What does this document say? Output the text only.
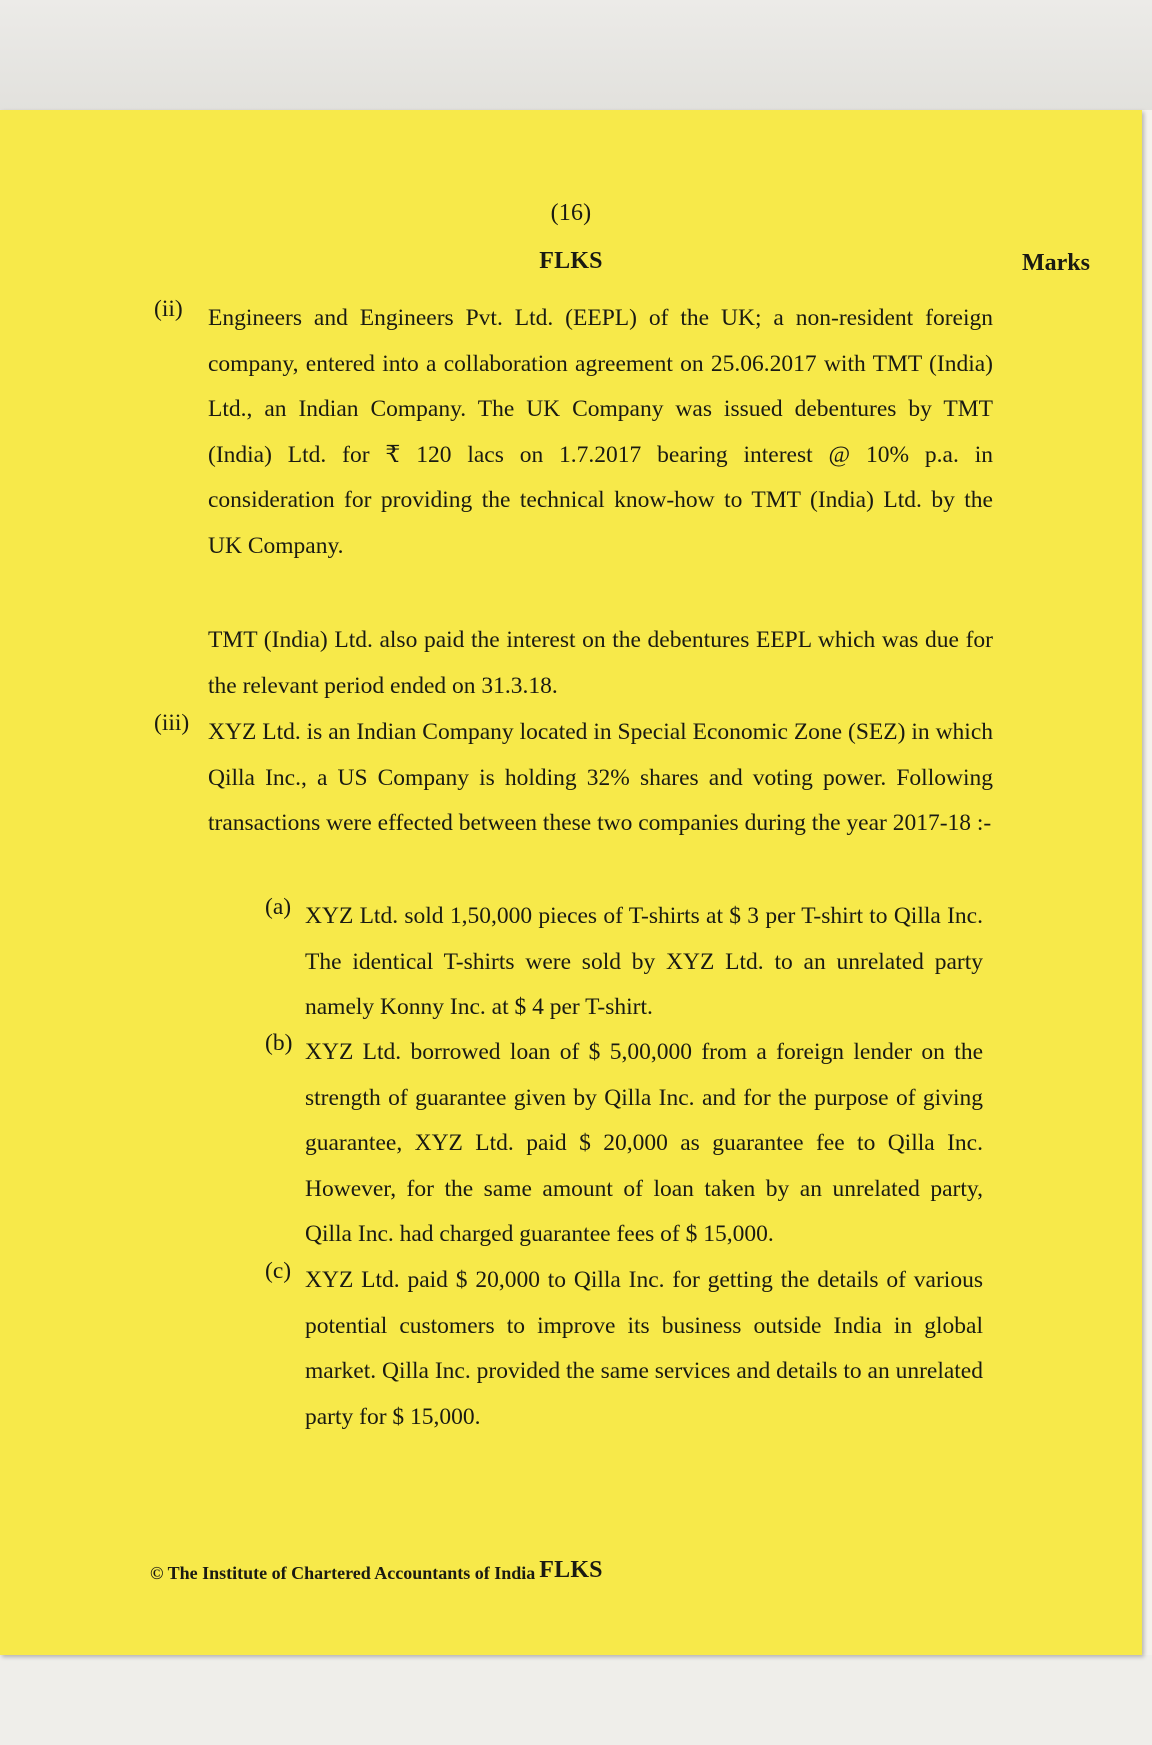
(16)
FLKS	Marks
(ii) Engineers and Engineers Pvt. Ltd. (EEPL) of the UK; a non-resident foreign company, entered into a collaboration agreement on 25.06.2017 with TMT (India) Ltd., an Indian Company. The UK Company was issued debentures by TMT (India) Ltd. for ₹ 120 lacs on 1.7.2017 bearing interest @ 10% p.a. in consideration for providing the technical know-how to TMT (India) Ltd. by the UK Company.

TMT (India) Ltd. also paid the interest on the debentures EEPL which was due for the relevant period ended on 31.3.18.

(iii) XYZ Ltd. is an Indian Company located in Special Economic Zone (SEZ) in which Qilla Inc., a US Company is holding 32% shares and voting power. Following transactions were effected between these two companies during the year 2017-18 :-

(a) XYZ Ltd. sold 1,50,000 pieces of T-shirts at $ 3 per T-shirt to Qilla Inc. The identical T-shirts were sold by XYZ Ltd. to an unrelated party namely Konny Inc. at $ 4 per T-shirt.

(b) XYZ Ltd. borrowed loan of $ 5,00,000 from a foreign lender on the strength of guarantee given by Qilla Inc. and for the purpose of giving guarantee, XYZ Ltd. paid $ 20,000 as guarantee fee to Qilla Inc. However, for the same amount of loan taken by an unrelated party, Qilla Inc. had charged guarantee fees of $ 15,000.

(c) XYZ Ltd. paid $ 20,000 to Qilla Inc. for getting the details of various potential customers to improve its business outside India in global market. Qilla Inc. provided the same services and details to an unrelated party for $ 15,000.

FLKS
© The Institute of Chartered Accountants of India
